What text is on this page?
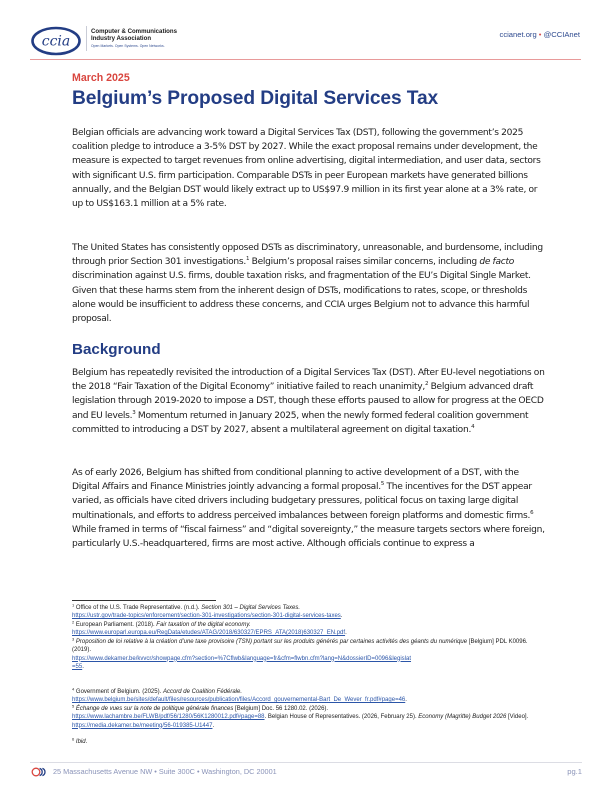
ccia
Computer & Communications
Industry Association
Open Markets. Open Systems. Open Networks.
ccianet.org • @CCIAnet
March 2025
Belgium’s Proposed Digital Services Tax
Belgian officials are advancing work toward a Digital Services Tax (DST), following the government’s 2025 coalition pledge to introduce a 3-5% DST by 2027. While the exact proposal remains under development, the measure is expected to target revenues from online advertising, digital intermediation, and user data, sectors with significant U.S. firm participation. Comparable DSTs in peer European markets have generated billions annually, and the Belgian DST would likely extract up to US$97.9 million in its first year alone at a 3% rate, or up to US$163.1 million at a 5% rate.
The United States has consistently opposed DSTs as discriminatory, unreasonable, and burdensome, including through prior Section 301 investigations.$^1$ Belgium’s proposal raises similar concerns, including de facto discrimination against U.S. firms, double taxation risks, and fragmentation of the EU’s Digital Single Market. Given that these harms stem from the inherent design of DSTs, modifications to rates, scope, or thresholds alone would be insufficient to address these concerns, and CCIA urges Belgium not to advance this harmful proposal.
Background
Belgium has repeatedly revisited the introduction of a Digital Services Tax (DST). After EU-level negotiations on the 2018 “Fair Taxation of the Digital Economy” initiative failed to reach unanimity,$^2$ Belgium advanced draft legislation through 2019-2020 to impose a DST, though these efforts paused to allow for progress at the OECD and EU levels.$^3$ Momentum returned in January 2025, when the newly formed federal coalition government committed to introducing a DST by 2027, absent a multilateral agreement on digital taxation.$^4$
As of early 2026, Belgium has shifted from conditional planning to active development of a DST, with the Digital Affairs and Finance Ministries jointly advancing a formal proposal.$^5$ The incentives for the DST appear varied, as officials have cited drivers including budgetary pressures, political focus on taxing large digital multinationals, and efforts to address perceived imbalances between foreign platforms and domestic firms.$^6$ While framed in terms of “fiscal fairness” and “digital sovereignty,” the measure targets sectors where foreign, particularly U.S.-headquartered, firms are most active. Although officials continue to express a
$^1$ Office of the U.S. Trade Representative. (n.d.). Section 301 – Digital Services Taxes.
https://ustr.gov/trade-topics/enforcement/section-301-investigations/section-301-digital-services-taxes.
$^2$ European Parliament. (2018). Fair taxation of the digital economy.
https://www.europarl.europa.eu/RegData/etudes/ATAG/2018/630327/EPRS_ATA(2018)630327_EN.pdf.
$^3$ Proposition de loi relative à la création d’une taxe provisoire (TSN) portant sur les produits générés par certaines activités des géants du numérique [Belgium] PDL K0096. (2019).
https://www.dekamer.be/kvvcr/showpage.cfm?section=%7Cflwb&language=fr&cfm=flwbn.cfm?lang=N&dossierID=0096&legislat
=55.
$^4$ Government of Belgium. (2025). Accord de Coalition Fédérale.
https://www.belgium.be/sites/default/files/resources/publication/files/Accord_gouvernemental-Bart_De_Wever_fr.pdf#page=46.
$^5$ Échange de vues sur la note de politique générale finances [Belgium] Doc. 56 1280.02. (2026).
https://www.lachambre.be/FLWB/pdf/56/1280/56K1280012.pdf#page=88. Belgian House of Representatives. (2026, February 25). Economy (Magritte) Budget 2026 [Video]. https://media.dekamer.be/meeting/56-019385-U1447.
$^6$ Ibid.
25 Massachusetts Avenue NW • Suite 300C • Washington, DC 20001	pg.1
